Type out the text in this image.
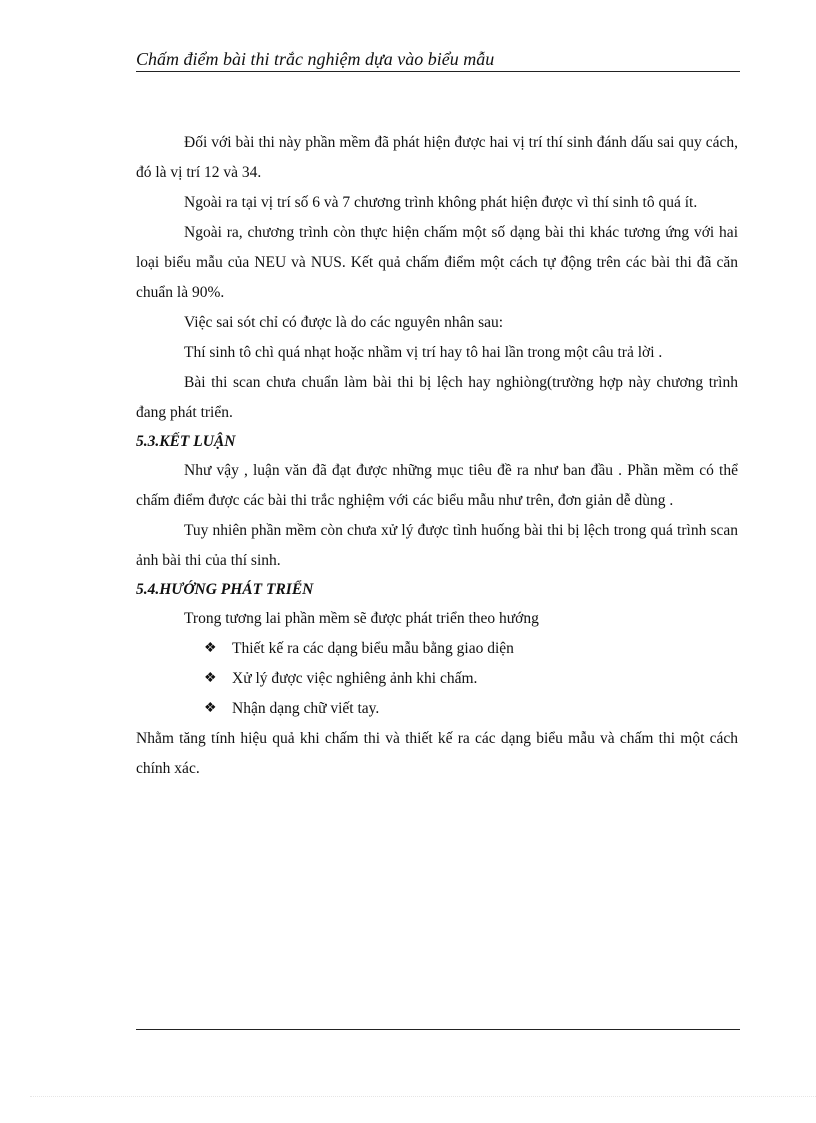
Chấm điểm bài thi trắc nghiệm dựa vào biểu mẫu

Đối với bài thi này phần mềm đã phát hiện được hai vị trí thí sinh đánh dấu sai quy cách, đó là vị trí 12 và 34.

Ngoài ra tại vị trí số 6 và 7 chương trình không phát hiện được vì thí sinh tô quá ít.

Ngoài ra, chương trình còn thực hiện chấm một số dạng bài thi khác tương ứng với hai loại biểu mẫu của NEU và NUS. Kết quả chấm điểm một cách tự động trên các bài thi đã căn chuẩn là 90%.

Việc sai sót chỉ có được là do các nguyên nhân sau:

Thí sinh tô chì quá nhạt hoặc nhầm vị trí hay tô hai lần trong một câu trả lời .

Bài thi scan chưa chuẩn làm bài thi bị lệch hay nghiòng(trường hợp này chương trình đang phát triển.

5.3.KẾT LUẬN

Như vậy , luận văn đã đạt được những mục tiêu đề ra như ban đầu . Phần mềm có thể chấm điểm được các bài thi trắc nghiệm với các biểu mẫu như trên, đơn giản dễ dùng .

Tuy nhiên phần mềm còn chưa xử lý được tình huống bài thi bị lệch trong quá trình scan ảnh bài thi của thí sinh.

5.4.HƯỚNG PHÁT TRIỂN

Trong tương lai phần mềm sẽ được phát triển theo hướng

❖ Thiết kế ra các dạng biểu mẫu bằng giao diện
❖ Xử lý được việc nghiêng ảnh khi chấm.
❖ Nhận dạng chữ viết tay.

Nhằm tăng tính hiệu quả khi chấm thi và thiết kế ra các dạng biểu mẫu và chấm thi một cách chính xác.
